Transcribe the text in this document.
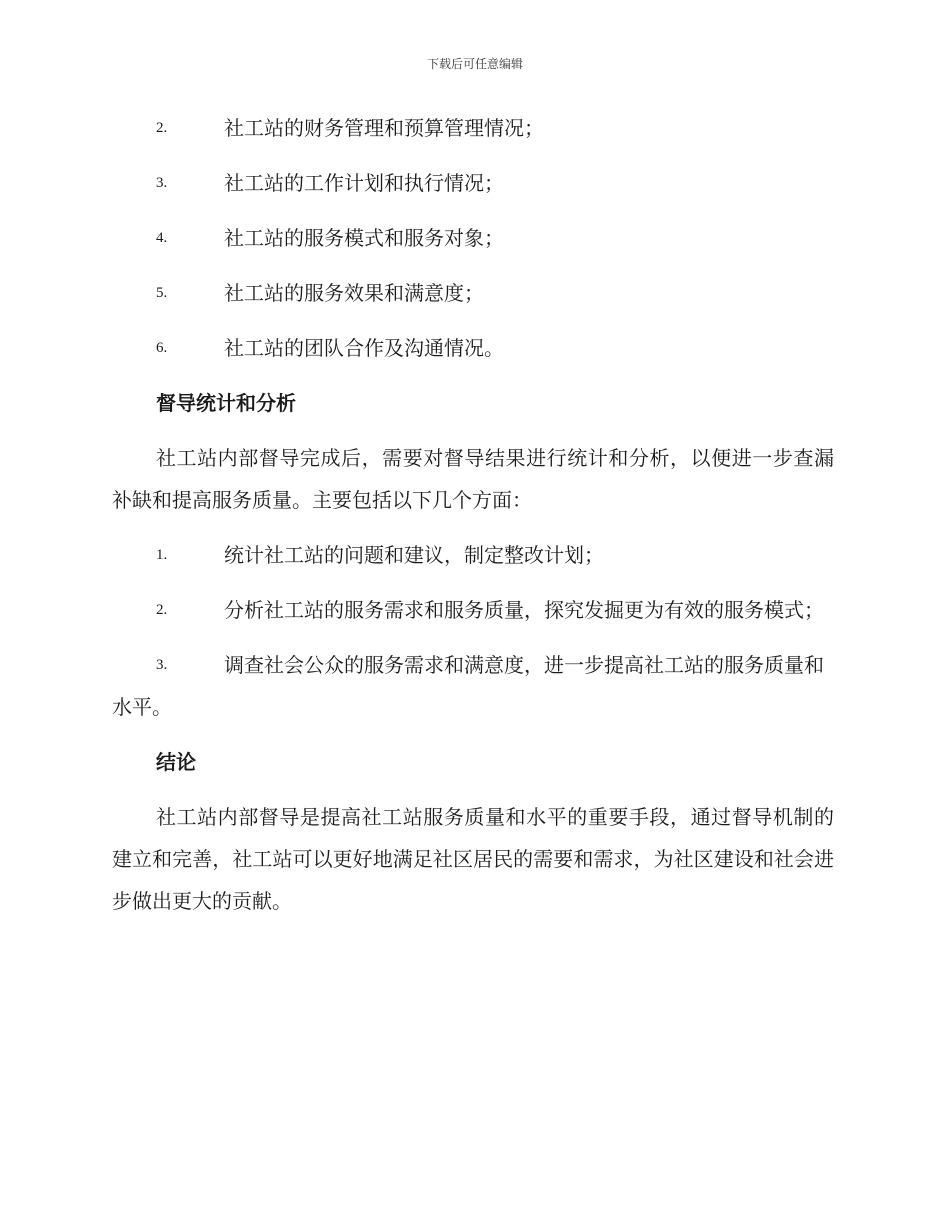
下载后可任意编辑
2.	社工站的财务管理和预算管理情况；
3.	社工站的工作计划和执行情况；
4.	社工站的服务模式和服务对象；
5.	社工站的服务效果和满意度；
6.	社工站的团队合作及沟通情况。
督导统计和分析
社工站内部督导完成后，需要对督导结果进行统计和分析，以便进一步查漏补缺和提高服务质量。主要包括以下几个方面：
1.	统计社工站的问题和建议，制定整改计划；
2.	分析社工站的服务需求和服务质量，探究发掘更为有效的服务模式；
3.	调查社会公众的服务需求和满意度，进一步提高社工站的服务质量和水平。
结论
社工站内部督导是提高社工站服务质量和水平的重要手段，通过督导机制的建立和完善，社工站可以更好地满足社区居民的需要和需求，为社区建设和社会进步做出更大的贡献。
